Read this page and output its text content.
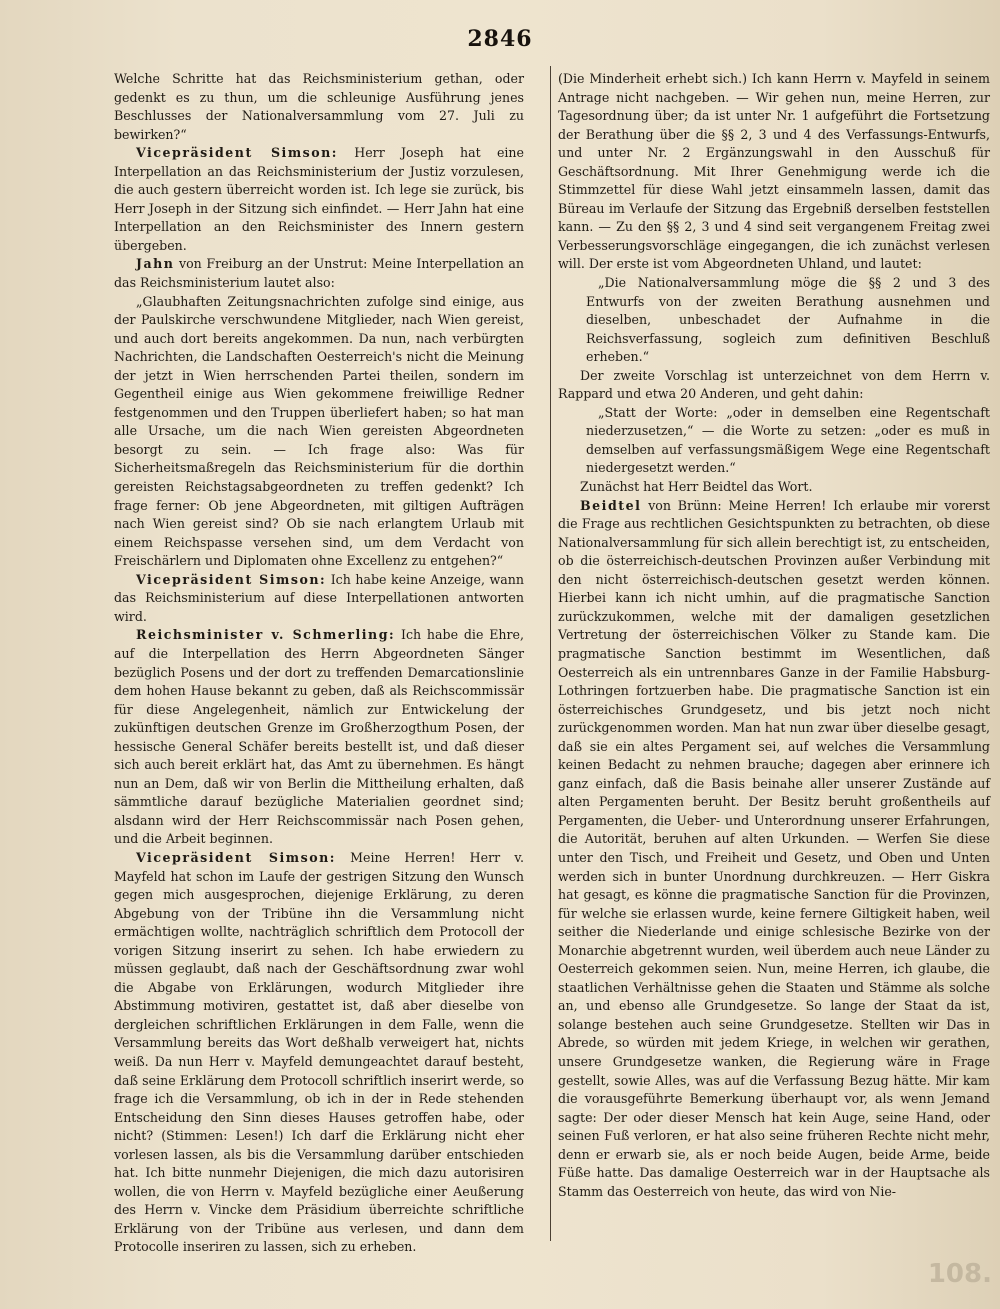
2846

Welche Schritte hat das Reichsministerium gethan, oder gedenkt es zu thun, um die schleunige Ausführung jenes Beschlusses der Nationalversammlung vom 27. Juli zu bewirken?“

Vicepräsident Simson: Herr Joseph hat eine Interpellation an das Reichsministerium der Justiz vorzulesen, die auch gestern überreicht worden ist. Ich lege sie zurück, bis Herr Joseph in der Sitzung sich einfindet. — Herr Jahn hat eine Interpellation an den Reichsminister des Innern gestern übergeben.

Jahn von Freiburg an der Unstrut: Meine Interpellation an das Reichsministerium lautet also:

„Glaubhaften Zeitungsnachrichten zufolge sind einige, aus der Paulskirche verschwundene Mitglieder, nach Wien gereist, und auch dort bereits angekommen. Da nun, nach verbürgten Nachrichten, die Landschaften Oesterreich's nicht die Meinung der jetzt in Wien herrschenden Partei theilen, sondern im Gegentheil einige aus Wien gekommene freiwillige Redner festgenommen und den Truppen überliefert haben; so hat man alle Ursache, um die nach Wien gereisten Abgeordneten besorgt zu sein. — Ich frage also: Was für Sicherheitsmaßregeln das Reichsministerium für die dorthin gereisten Reichstagsabgeordneten zu treffen gedenkt? Ich frage ferner: Ob jene Abgeordneten, mit giltigen Aufträgen nach Wien gereist sind? Ob sie nach erlangtem Urlaub mit einem Reichspasse versehen sind, um dem Verdacht von Freischärlern und Diplomaten ohne Excellenz zu entgehen?“

Vicepräsident Simson: Ich habe keine Anzeige, wann das Reichsministerium auf diese Interpellationen antworten wird.

Reichsminister v. Schmerling: Ich habe die Ehre, auf die Interpellation des Herrn Abgeordneten Sänger bezüglich Posens und der dort zu treffenden Demarcationslinie dem hohen Hause bekannt zu geben, daß als Reichscommissär für diese Angelegenheit, nämlich zur Entwickelung der zukünftigen deutschen Grenze im Großherzogthum Posen, der hessische General Schäfer bereits bestellt ist, und daß dieser sich auch bereit erklärt hat, das Amt zu übernehmen. Es hängt nun an Dem, daß wir von Berlin die Mittheilung erhalten, daß sämmtliche darauf bezügliche Materialien geordnet sind; alsdann wird der Herr Reichscommissär nach Posen gehen, und die Arbeit beginnen.

Vicepräsident Simson: Meine Herren! Herr v. Mayfeld hat schon im Laufe der gestrigen Sitzung den Wunsch gegen mich ausgesprochen, diejenige Erklärung, zu deren Abgebung von der Tribüne ihn die Versammlung nicht ermächtigen wollte, nachträglich schriftlich dem Protocoll der vorigen Sitzung inserirt zu sehen. Ich habe erwiedern zu müssen geglaubt, daß nach der Geschäftsordnung zwar wohl die Abgabe von Erklärungen, wodurch Mitglieder ihre Abstimmung motiviren, gestattet ist, daß aber dieselbe von dergleichen schriftlichen Erklärungen in dem Falle, wenn die Versammlung bereits das Wort deßhalb verweigert hat, nichts weiß. Da nun Herr v. Mayfeld demungeachtet darauf besteht, daß seine Erklärung dem Protocoll schriftlich inserirt werde, so frage ich die Versammlung, ob ich in der in Rede stehenden Entscheidung den Sinn dieses Hauses getroffen habe, oder nicht? (Stimmen: Lesen!) Ich darf die Erklärung nicht eher vorlesen lassen, als bis die Versammlung darüber entschieden hat. Ich bitte nunmehr Diejenigen, die mich dazu autorisiren wollen, die von Herrn v. Mayfeld bezügliche einer Aeußerung des Herrn v. Vincke dem Präsidium überreichte schriftliche Erklärung von der Tribüne aus verlesen, und dann dem Protocolle inseriren zu lassen, sich zu erheben.

(Die Minderheit erhebt sich.) Ich kann Herrn v. Mayfeld in seinem Antrage nicht nachgeben. — Wir gehen nun, meine Herren, zur Tagesordnung über; da ist unter Nr. 1 aufgeführt die Fortsetzung der Berathung über die §§ 2, 3 und 4 des Verfassungs-Entwurfs, und unter Nr. 2 Ergänzungswahl in den Ausschuß für Geschäftsordnung. Mit Ihrer Genehmigung werde ich die Stimmzettel für diese Wahl jetzt einsammeln lassen, damit das Büreau im Verlaufe der Sitzung das Ergebniß derselben feststellen kann. — Zu den §§ 2, 3 und 4 sind seit vergangenem Freitag zwei Verbesserungsvorschläge eingegangen, die ich zunächst verlesen will. Der erste ist vom Abgeordneten Uhland, und lautet:

„Die Nationalversammlung möge die §§ 2 und 3 des Entwurfs von der zweiten Berathung ausnehmen und dieselben, unbeschadet der Aufnahme in die Reichsverfassung, sogleich zum definitiven Beschluß erheben.“

Der zweite Vorschlag ist unterzeichnet von dem Herrn v. Rappard und etwa 20 Anderen, und geht dahin:

„Statt der Worte: „oder in demselben eine Regentschaft niederzusetzen,“ — die Worte zu setzen: „oder es muß in demselben auf verfassungsmäßigem Wege eine Regentschaft niedergesetzt werden.“

Zunächst hat Herr Beidtel das Wort.

Beidtel von Brünn: Meine Herren! Ich erlaube mir vorerst die Frage aus rechtlichen Gesichtspunkten zu betrachten, ob diese Nationalversammlung für sich allein berechtigt ist, zu entscheiden, ob die österreichisch-deutschen Provinzen außer Verbindung mit den nicht österreichisch-deutschen gesetzt werden können. Hierbei kann ich nicht umhin, auf die pragmatische Sanction zurückzukommen, welche mit der damaligen gesetzlichen Vertretung der österreichischen Völker zu Stande kam. Die pragmatische Sanction bestimmt im Wesentlichen, daß Oesterreich als ein untrennbares Ganze in der Familie Habsburg-Lothringen fortzuerben habe. Die pragmatische Sanction ist ein österreichisches Grundgesetz, und bis jetzt noch nicht zurückgenommen worden. Man hat nun zwar über dieselbe gesagt, daß sie ein altes Pergament sei, auf welches die Versammlung keinen Bedacht zu nehmen brauche; dagegen aber erinnere ich ganz einfach, daß die Basis beinahe aller unserer Zustände auf alten Pergamenten beruht. Der Besitz beruht großentheils auf Pergamenten, die Ueber- und Unterordnung unserer Erfahrungen, die Autorität, beruhen auf alten Urkunden. — Werfen Sie diese unter den Tisch, und Freiheit und Gesetz, und Oben und Unten werden sich in bunter Unordnung durchkreuzen. — Herr Giskra hat gesagt, es könne die pragmatische Sanction für die Provinzen, für welche sie erlassen wurde, keine fernere Giltigkeit haben, weil seither die Niederlande und einige schlesische Bezirke von der Monarchie abgetrennt wurden, weil überdem auch neue Länder zu Oesterreich gekommen seien. Nun, meine Herren, ich glaube, die staatlichen Verhältnisse gehen die Staaten und Stämme als solche an, und ebenso alle Grundgesetze. So lange der Staat da ist, solange bestehen auch seine Grundgesetze. Stellten wir Das in Abrede, so würden mit jedem Kriege, in welchen wir gerathen, unsere Grundgesetze wanken, die Regierung wäre in Frage gestellt, sowie Alles, was auf die Verfassung Bezug hätte. Mir kam die vorausgeführte Bemerkung überhaupt vor, als wenn Jemand sagte: Der oder dieser Mensch hat kein Auge, seine Hand, oder seinen Fuß verloren, er hat also seine früheren Rechte nicht mehr, denn er erwarb sie, als er noch beide Augen, beide Arme, beide Füße hatte. Das damalige Oesterreich war in der Hauptsache als Stamm das Oesterreich von heute, das wird von Nie-

108.
